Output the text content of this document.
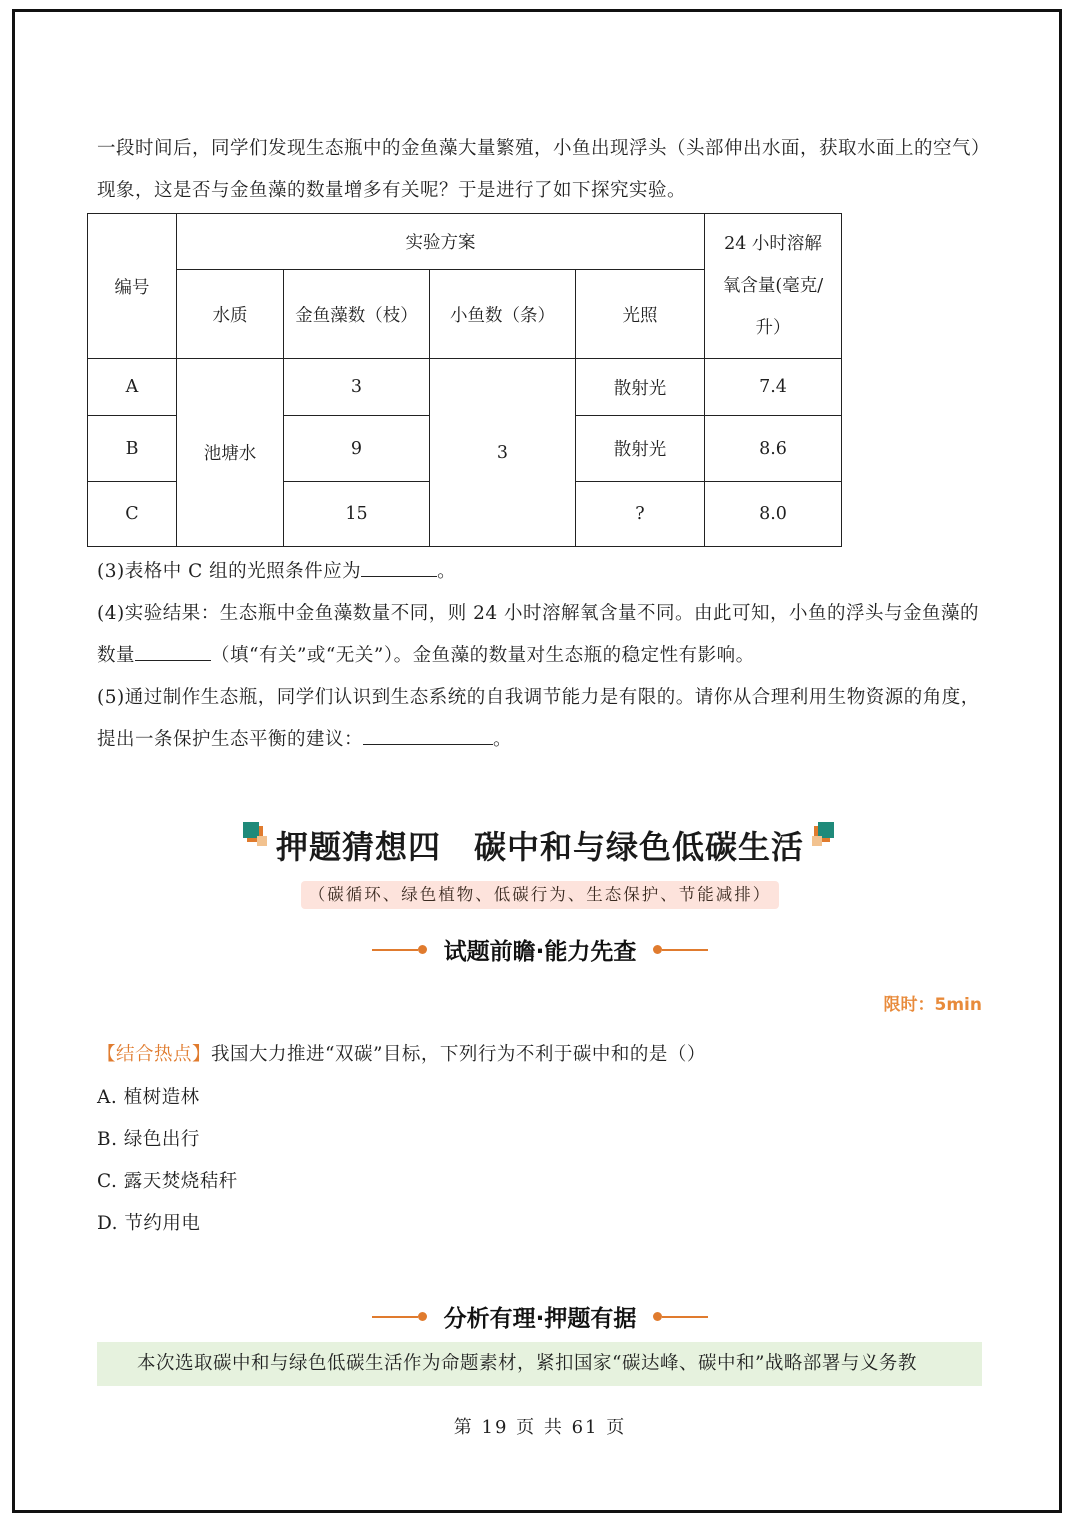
一段时间后，同学们发现生态瓶中的金鱼藻大量繁殖，小鱼出现浮头（头部伸出水面，获取水面上的空气）
现象，这是否与金鱼藻的数量增多有关呢？于是进行了如下探究实验。
编号	实验方案				24 小时溶解
氧含量(毫克/
升）

	水质	金鱼藻数（枝）	小鱼数（条）	光照	
A	池塘水	3	3	散射光	7.4
B		9		散射光	8.6
C		15		?	8.0
(3)表格中 C 组的光照条件应为	。
(4)实验结果：生态瓶中金鱼藻数量不同，则 24 小时溶解氧含量不同。由此可知，小鱼的浮头与金鱼藻的
数量	（填“有关”或“无关”）。金鱼藻的数量对生态瓶的稳定性有影响。
(5)通过制作生态瓶，同学们认识到生态系统的自我调节能力是有限的。请你从合理利用生物资源的角度，
提出一条保护生态平衡的建议：	。
押题猜想四　碳中和与绿色低碳生活
（碳循环、绿色植物、低碳行为、生态保护、节能减排）
试题前瞻·能力先查
限时：5min
【结合热点】我国大力推进“双碳”目标，下列行为不利于碳中和的是（）
A. 植树造林
B. 绿色出行
C. 露天焚烧秸秆
D. 节约用电
分析有理·押题有据
本次选取碳中和与绿色低碳生活作为命题素材，紧扣国家“碳达峰、碳中和”战略部署与义务教
第 19 页 共 61 页
